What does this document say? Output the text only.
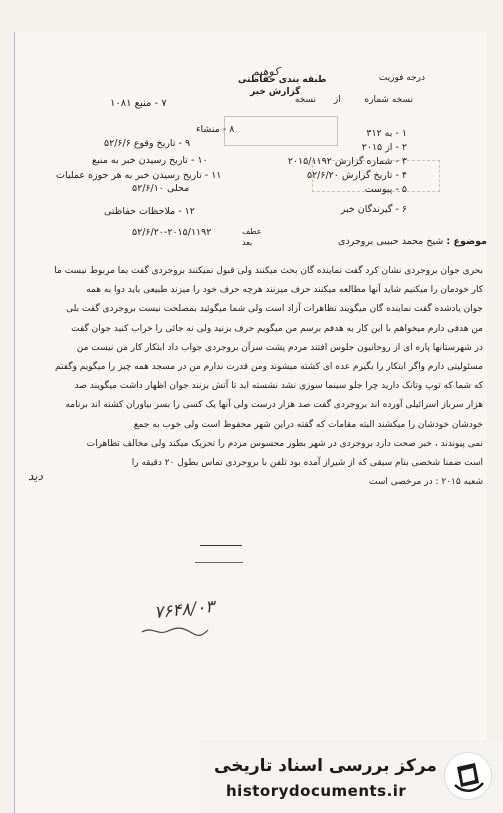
درجه فوریت
کوهیم
نسخه شماره  از  نسخه
طبقه بندی حفاظتی
گزارش خبر
۱ - به ۳۱۲
۲ - از ۲۰۱۵
۳ - شماره گزارش ۲۰۱۵/۱۱۹۲
۴ - تاریخ گزارش ۵۲/۶/۲۰
۵ - پیوست
۶ - گیرندگان خبر
۷ - منبع ۱۰۸۱
۸ - منشاء
۹ - تاریخ وقوع ۵۲/۶/۶
۱۰ - تاریخ رسیدن خبر به منبع
۱۱ - تاریخ رسیدن خبر به هر حوزه عملیات
محلی ۵۲/۶/۱۰
۱۲ - ملاحظات حفاظتی
عطف
۵۲/۶/۲۰-۲۰۱۵/۱۱۹۲
بعد	موضوع : شیخ محمد حبیبی بروجردی
بحری جوان بروجردی نشان کرد گفت نماینده گان بحث میکنند ولی قبول نمیکنند بروجردی گفت بما مربوط نیست ما
کار خودمان را میکنیم شاید آنها مطالعه میکنند حرف میزنند هرچه حرف خود را میزند طبیعی باید دوا به همه
جوان یادشده گفت نماینده گان میگویند تظاهرات آزاد است ولی شما میگوئید بمصلحت نیست بروجردی گفت بلی
من هدفی دارم میخواهم با این کار به هدفم برسم من میگویم حرف بزنید ولی نه جائی را خراب کنید جوان گفت
در شهرستانها پاره ای از روحانیون جلوس افتند مردم پشت سرآن بروجردی جواب داد ابتکار کار من نیست من
مسئولیتی دارم واگر ابتکار را بگیرم عده ای کشته میشوند ومن قدرت ندارم من در مسجد همه چیز را میگویم وگفتم
که شما که توپ وتانک دارید چرا جلو سینما سوزی نشد نشسته اید تا آتش بزنند جوان اظهار داشت میگویند صد
هزار سرباز اسرائیلی آورده اند بروجردی گفت صد هزار درست ولی آنها یک کسی را بسر بیاوران کشته اند برنامه
خودشان خودشان را میکشند البته مقامات که گفته دراین شهر محفوظ است ولی خوب به جمع
نمی پیوندند ، خبر صحت دارد بروجردی در شهر بطور محسوس مردم را تحریک میکند ولی مخالف تظاهرات
است ضمنا شخصی بنام سیقی که از شیراز آمده بود تلفن با بروجردی تماس بطول ۲۰ دقیقه را
شعبه ۲۰۱۵ : در مرخصی است
دید
۷۶۴۸/۰۳
مرکز بررسی اسناد تاریخی
historydocuments.ir
